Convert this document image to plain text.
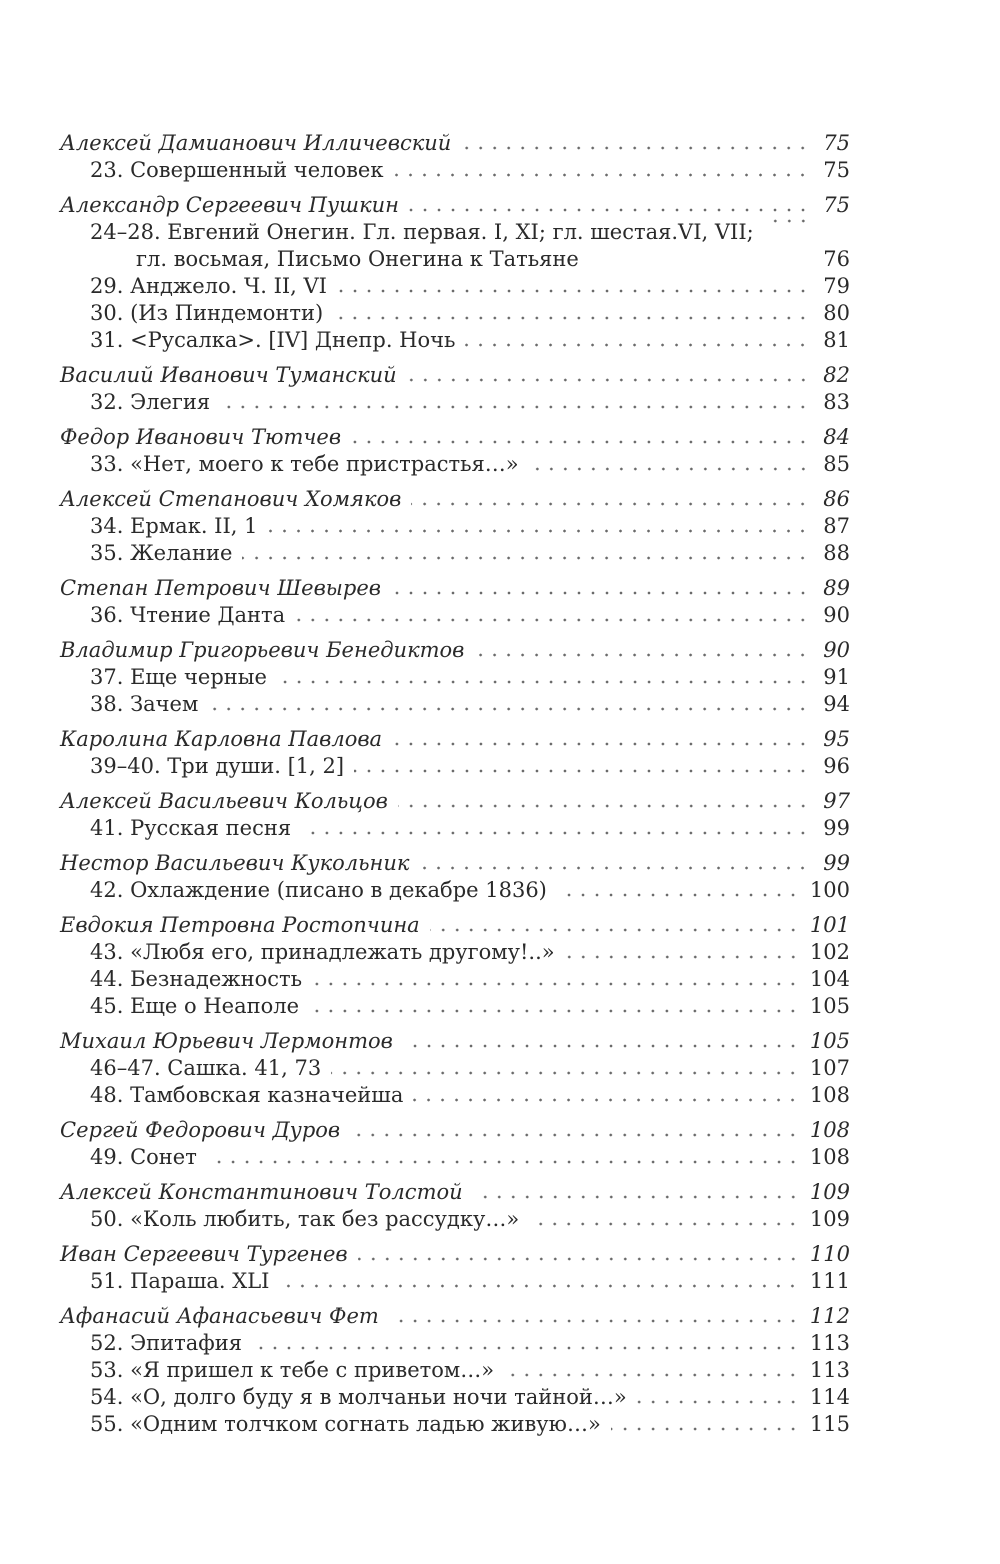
Алексей Дамианович Илличевский	75
23. Совершенный человек	75
Александр Сергеевич Пушкин	75
24–28. Евгений Онегин. Гл. первая. I, XI; гл. шестая.VI, VII;
гл. восьмая, Письмо Онегина к Татьяне	76
29. Анджело. Ч. II, VI	79
30. (Из Пиндемонти)	80
31. <Русалка>. [IV] Днепр. Ночь	81
Василий Иванович Туманский	82
32. Элегия	83
Федор Иванович Тютчев	84
33. «Нет, моего к тебе пристрастья…»	85
Алексей Степанович Хомяков	86
34. Ермак. II, 1	87
35. Желание	88
Степан Петрович Шевырев	89
36. Чтение Данта	90
Владимир Григорьевич Бенедиктов	90
37. Еще черные	91
38. Зачем	94
Каролина Карловна Павлова	95
39–40. Три души. [1, 2]	96
Алексей Васильевич Кольцов	97
41. Русская песня	99
Нестор Васильевич Кукольник	99
42. Охлаждение (писано в декабре 1836)	100
Евдокия Петровна Ростопчина	101
43. «Любя его, принадлежать другому!..»	102
44. Безнадежность	104
45. Еще о Неаполе	105
Михаил Юрьевич Лермонтов	105
46–47. Сашка. 41, 73	107
48. Тамбовская казначейша	108
Сергей Федорович Дуров	108
49. Сонет	108
Алексей Константинович Толстой	109
50. «Коль любить, так без рассудку…»	109
Иван Сергеевич Тургенев	110
51. Параша. XLI	111
Афанасий Афанасьевич Фет	112
52. Эпитафия	113
53. «Я пришел к тебе с приветом…»	113
54. «О, долго буду я в молчаньи ночи тайной…»	114
55. «Одним толчком согнать ладью живую…»	115
